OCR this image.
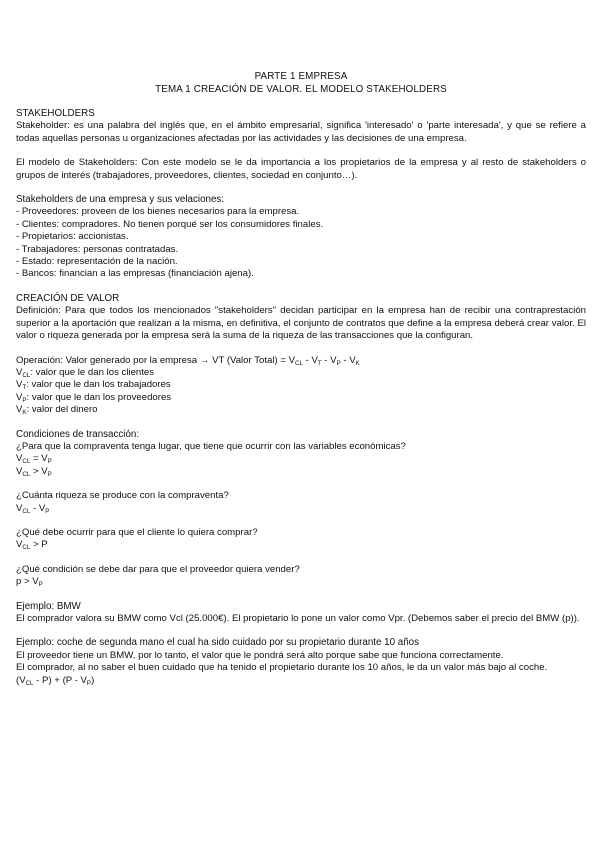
PARTE 1 EMPRESA

TEMA 1 CREACIÓN DE VALOR. EL MODELO STAKEHOLDERS

STAKEHOLDERS

Stakeholder: es una palabra del inglés que, en el ámbito empresarial, significa 'interesado' o 'parte interesada', y que se refiere a todas aquellas personas u organizaciones afectadas por las actividades y las decisiones de una empresa.

El modelo de Stakeholders: Con este modelo se le da importancia a los propietarios de la empresa y al resto de stakeholders o grupos de interés (trabajadores, proveedores, clientes, sociedad en conjunto…).

Stakeholders de una empresa y sus velaciones:

- Proveedores: proveen de los bienes necesarios para la empresa.

- Clientes: compradores. No tienen porqué ser los consumidores finales.

- Propietarios: accionistas.

- Trabajadores: personas contratadas.

- Estado: representación de la nación.

- Bancos: financian a las empresas (financiación ajena).

CREACIÓN DE VALOR

Definición: Para que todos los mencionados "stakeholders" decidan participar en la empresa han de recibir una contraprestación superior a la aportación que realizan a la misma, en definitiva, el conjunto de contratos que define a la empresa deberá crear valor. El valor o riqueza generada por la empresa será la suma de la riqueza de las transacciones que la configuran.

Operación: Valor generado por la empresa → VT (Valor Total) = $V_{CL} - V_T - V_P - V_K$

$V_{CL}$: valor que le dan los clientes

$V_T$: valor que le dan los trabajadores

$V_P$: valor que le dan los proveedores

$V_K$: valor del dinero

Condiciones de transacción:

¿Para que la compraventa tenga lugar, que tiene que ocurrir con las variables económicas?

$V_{CL} = V_P$

$V_{CL} > V_P$

¿Cuánta riqueza se produce con la compraventa?

$V_{CL} - V_P$

¿Qué debe ocurrir para que el cliente lo quiera comprar?

$V_{CL} > P$

¿Qué condición se debe dar para que el proveedor quiera vender?

$p > V_P$

Ejemplo: BMW

El comprador valora su BMW como Vcl (25.000€). El propietario lo pone un valor como Vpr. (Debemos saber el precio del BMW (p)).

Ejemplo: coche de segunda mano el cual ha sido cuidado por su propietario durante 10 años

El proveedor tiene un BMW, por lo tanto, el valor que le pondrá será alto porque sabe que funciona correctamente.

El comprador, al no saber el buen cuidado que ha tenido el propietario durante los 10 años, le da un valor más bajo al coche.

$(V_{CL} - P) + (P - V_P)$
